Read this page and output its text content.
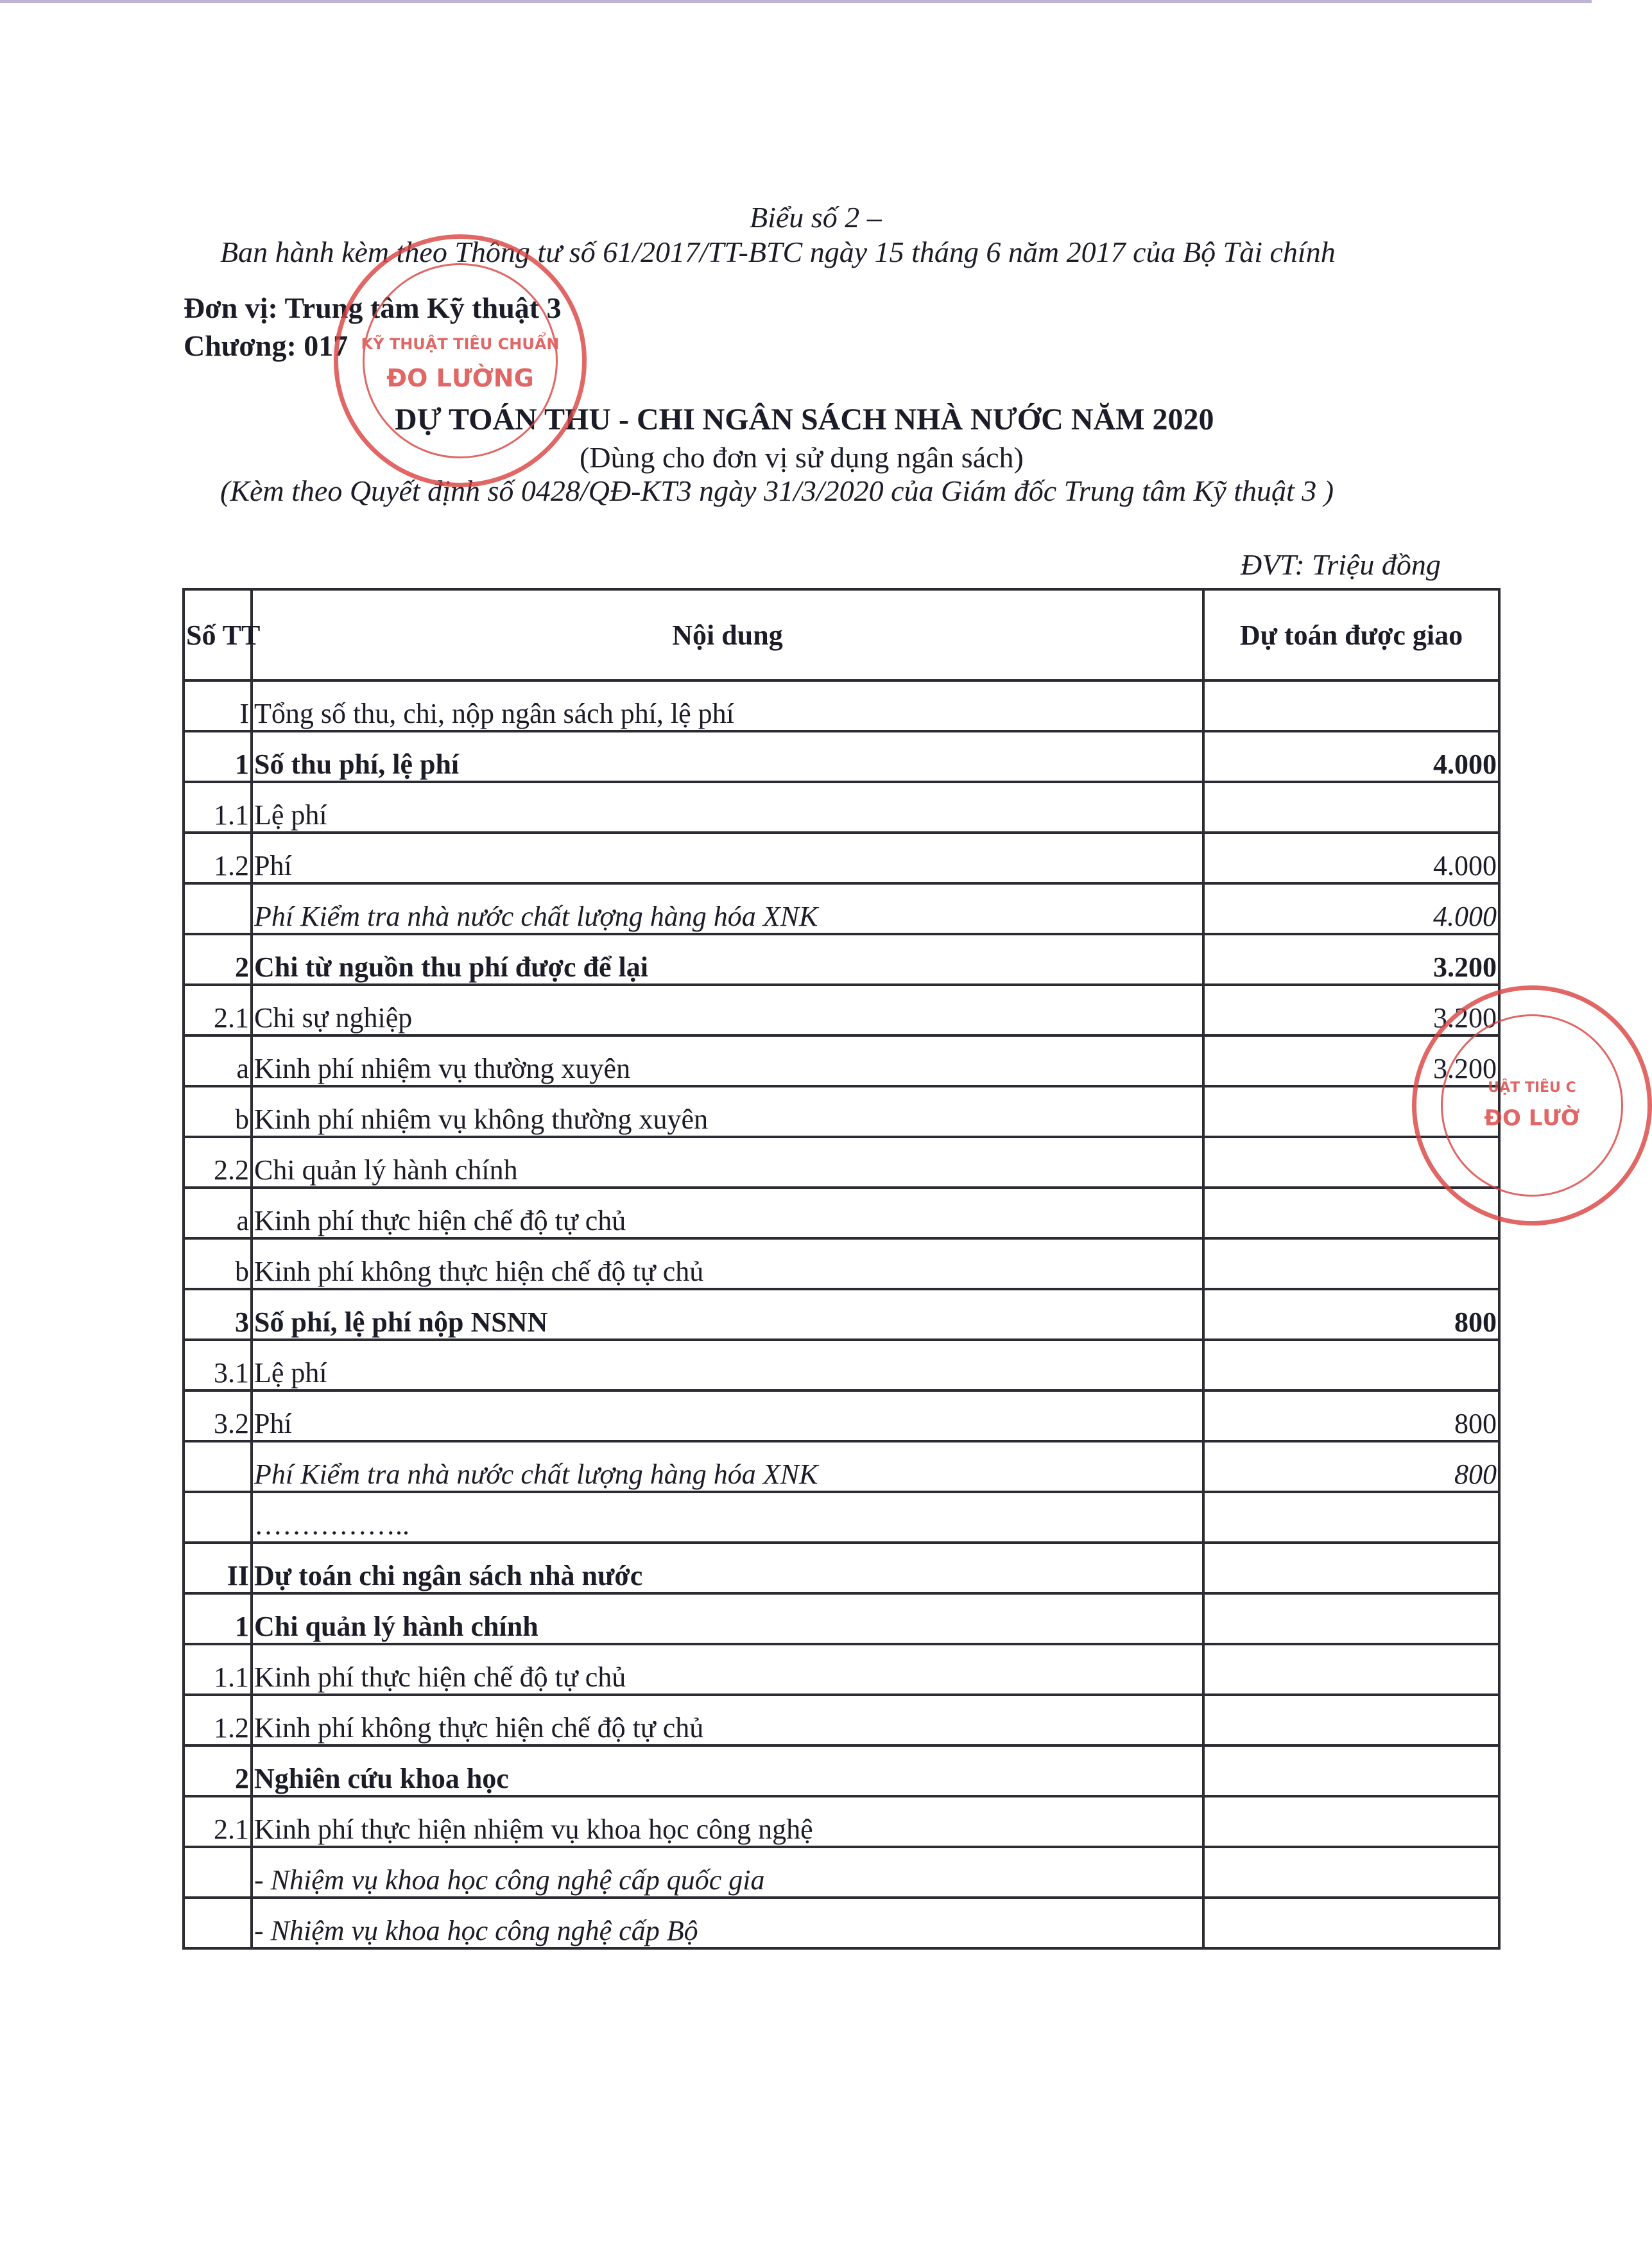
Biểu số 2 –
Ban hành kèm theo Thông tư số 61/2017/TT-BTC ngày 15 tháng 6 năm 2017 của Bộ Tài chính
Đơn vị: Trung tâm Kỹ thuật 3
Chương: 017
DỰ TOÁN THU - CHI NGÂN SÁCH NHÀ NƯỚC NĂM 2020
(Dùng cho đơn vị sử dụng ngân sách)
(Kèm theo Quyết định số 0428/QĐ-KT3 ngày 31/3/2020 của Giám đốc Trung tâm Kỹ thuật 3 )
ĐVT: Triệu đồng
Số TT	Nội dung	Dự toán được giao
I	Tổng số thu, chi, nộp ngân sách phí, lệ phí	
1	Số thu phí, lệ phí	4.000
1.1	Lệ phí	
1.2	Phí	4.000
	Phí Kiểm tra nhà nước chất lượng hàng hóa XNK	4.000
2	Chi từ nguồn thu phí được để lại	3.200
2.1	Chi sự nghiệp	3.200
a	Kinh phí nhiệm vụ thường xuyên	3.200
b	Kinh phí nhiệm vụ không thường xuyên	
2.2	Chi quản lý hành chính	
a	Kinh phí thực hiện chế độ tự chủ	
b	Kinh phí không thực hiện chế độ tự chủ	
3	Số phí, lệ phí nộp NSNN	800
3.1	Lệ phí	
3.2	Phí	800
	Phí Kiểm tra nhà nước chất lượng hàng hóa XNK	800
	……………..	
II	Dự toán chi ngân sách nhà nước	
1	Chi quản lý hành chính	
1.1	Kinh phí thực hiện chế độ tự chủ	
1.2	Kinh phí không thực hiện chế độ tự chủ	
2	Nghiên cứu khoa học	
2.1	Kinh phí thực hiện nhiệm vụ khoa học công nghệ	
	- Nhiệm vụ khoa học công nghệ cấp quốc gia	
	- Nhiệm vụ khoa học công nghệ cấp Bộ	
KỸ THUẬT TIÊU CHUẨN
ĐO LƯỜNG
UẬT TIÊU C
ĐO LƯỜ
